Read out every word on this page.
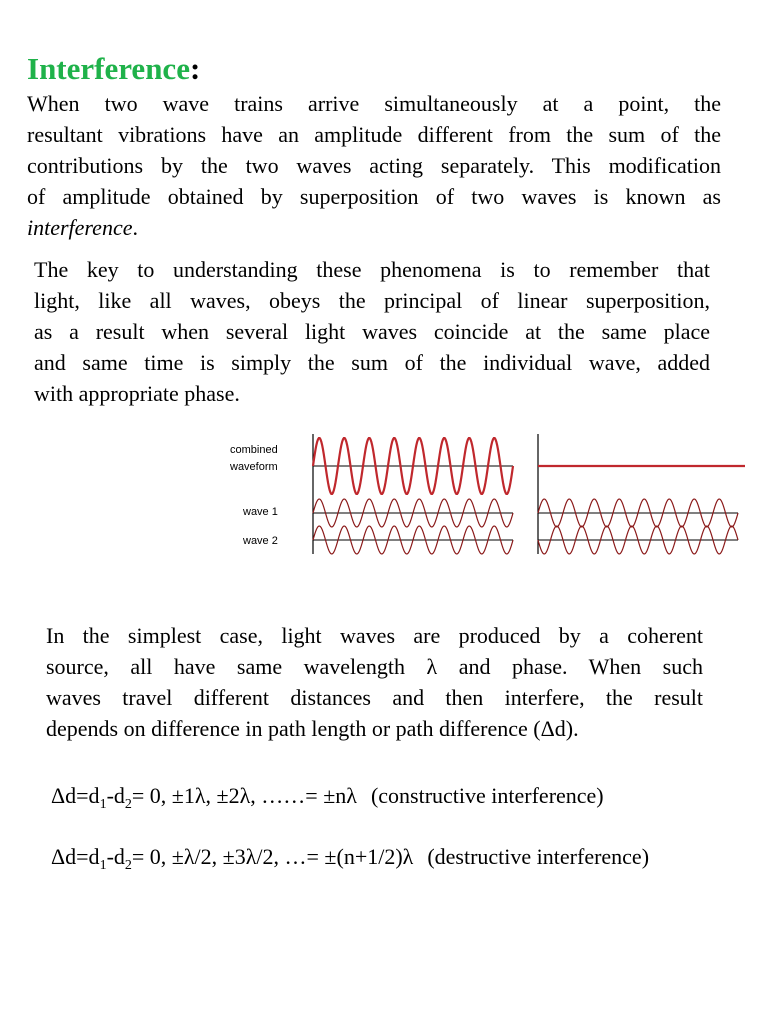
Interference:
When two wave trains arrive simultaneously at a point, the
resultant vibrations have an amplitude different from the sum of the
contributions by the two waves acting separately. This modification
of amplitude obtained by superposition of two waves is known as
interference.
The key to understanding these phenomena is to remember that
light, like all waves, obeys the principal of linear superposition,
as a result when several light waves coincide at the same place
and same time is simply the sum of the individual wave, added
with appropriate phase.
combined
waveform
wave 1
wave 2
In the simplest case, light waves are produced by a coherent
source, all have same wavelength λ and phase. When such
waves travel different distances and then interfere, the result
depends on difference in path length or path difference (Δd).
$\Delta d=d_1-d_2= 0$, ±1λ, ±2λ, ……= ±nλ (constructive interference)
$\Delta d=d_1-d_2= 0$, ±λ/2, ±3λ/2, …= ±(n+1/2)λ (destructive interference)
